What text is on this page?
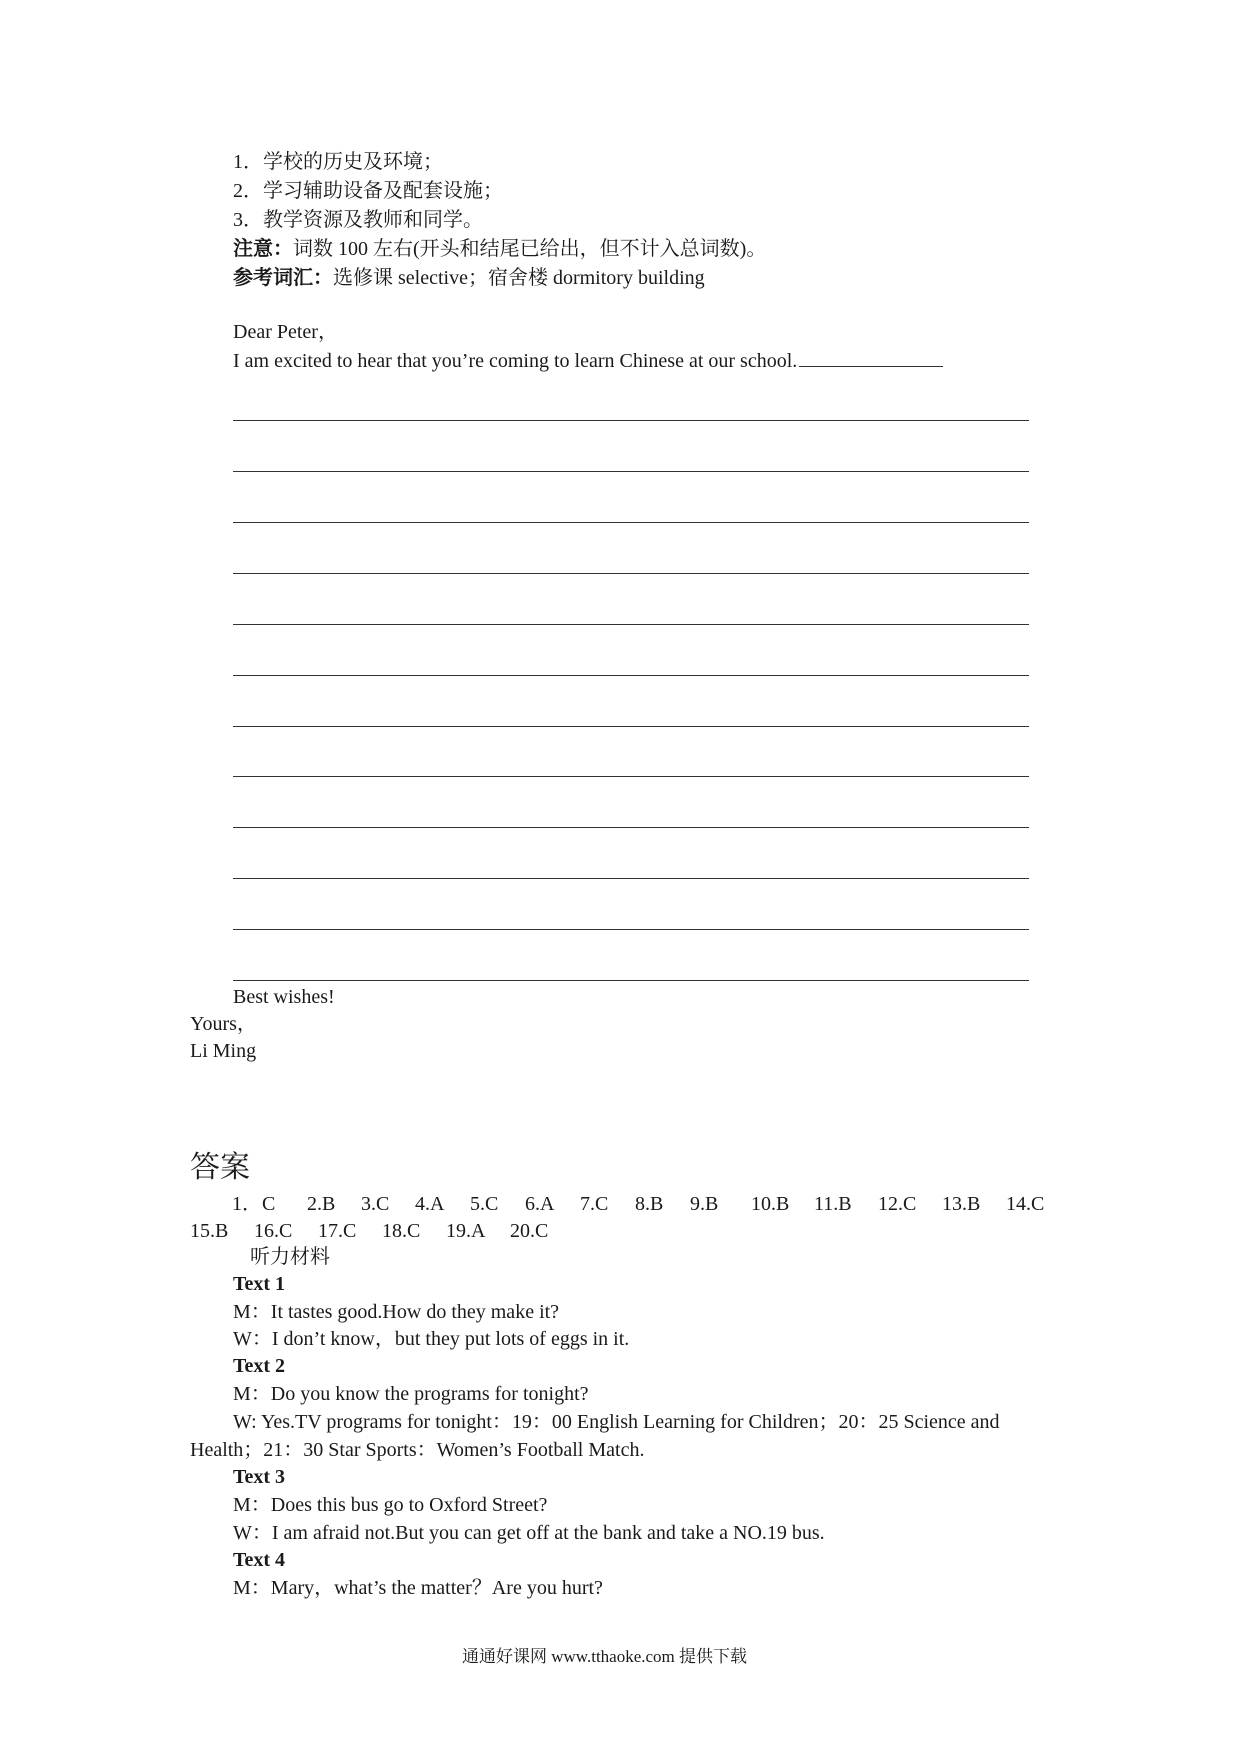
1．学校的历史及环境；
2．学习辅助设备及配套设施；
3．教学资源及教师和同学。
注意：词数 100 左右(开头和结尾已给出，但不计入总词数)。
参考词汇：选修课 selective；宿舍楼 dormitory building
Dear Peter，
I am excited to hear that you’re coming to learn Chinese at our school.
Best wishes!
Yours，
Li Ming
答案
1．C 2.B 3.C 4.A 5.C 6.A 7.C 8.B 9.B 10.B 11.B 12.C 13.B 14.C
15.B 16.C 17.C 18.C 19.A 20.C
听力材料
Text 1
M：It tastes good.How do they make it?
W：I don’t know，but they put lots of eggs in it.
Text 2
M：Do you know the programs for tonight?
W: Yes.TV programs for tonight：19：00 English Learning for Children；20：25 Science and
Health；21：30 Star Sports：Women’s Football Match.
Text 3
M：Does this bus go to Oxford Street?
W：I am afraid not.But you can get off at the bank and take a NO.19 bus.
Text 4
M：Mary，what’s the matter？Are you hurt?
通通好课网 www.tthaoke.com 提供下载
